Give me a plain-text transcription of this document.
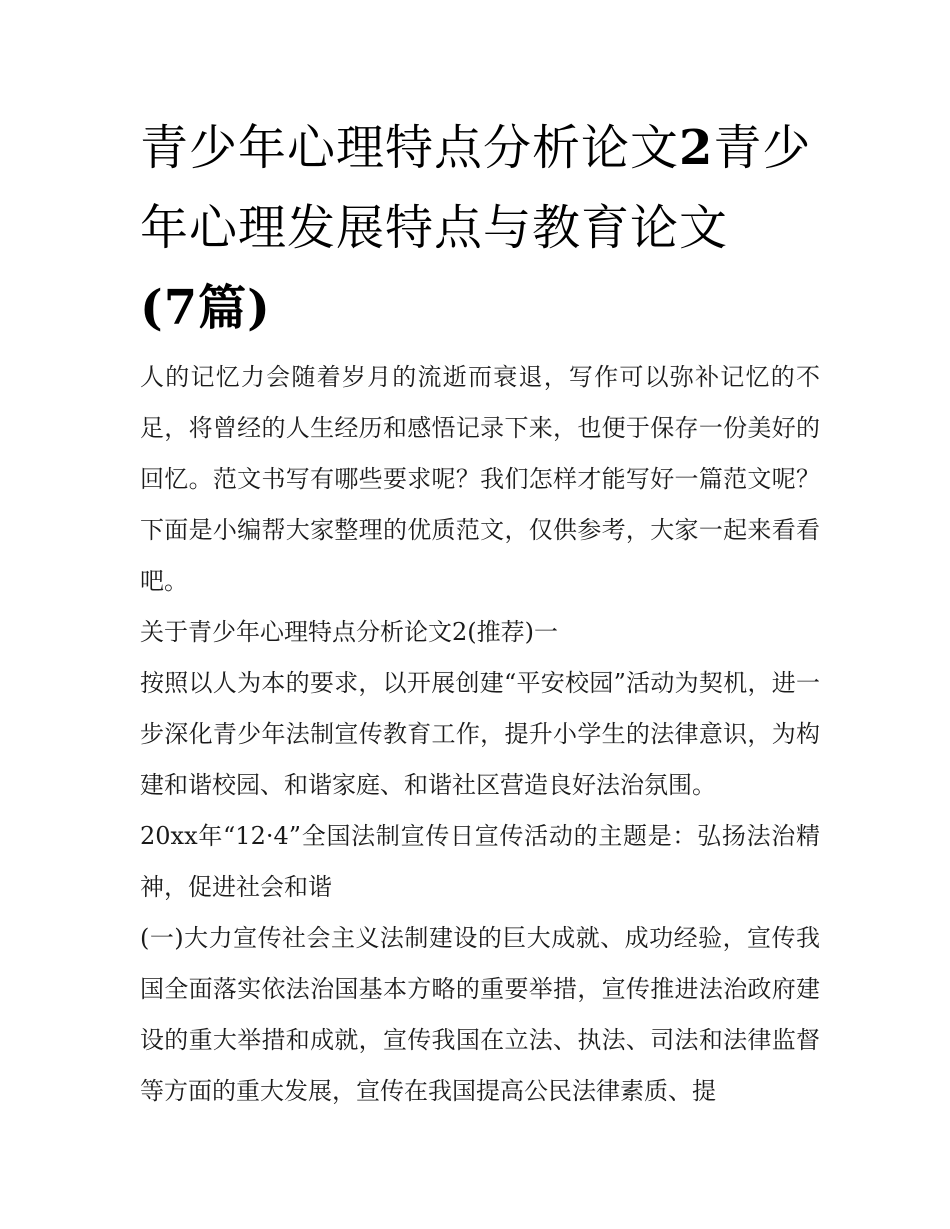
青少年心理特点分析论文2青少年心理发展特点与教育论文
(7篇)

人的记忆力会随着岁月的流逝而衰退，写作可以弥补记忆的不足，将曾经的人生经历和感悟记录下来，也便于保存一份美好的回忆。范文书写有哪些要求呢？我们怎样才能写好一篇范文呢？下面是小编帮大家整理的优质范文，仅供参考，大家一起来看看吧。

关于青少年心理特点分析论文2(推荐)一

按照以人为本的要求，以开展创建“平安校园”活动为契机，进一步深化青少年法制宣传教育工作，提升小学生的法律意识，为构建和谐校园、和谐家庭、和谐社区营造良好法治氛围。

20xx年“12·4”全国法制宣传日宣传活动的主题是：弘扬法治精神，促进社会和谐

(一)大力宣传社会主义法制建设的巨大成就、成功经验，宣传我国全面落实依法治国基本方略的重要举措，宣传推进法治政府建设的重大举措和成就，宣传我国在立法、执法、司法和法律监督等方面的重大发展，宣传在我国提高公民法律素质、提
